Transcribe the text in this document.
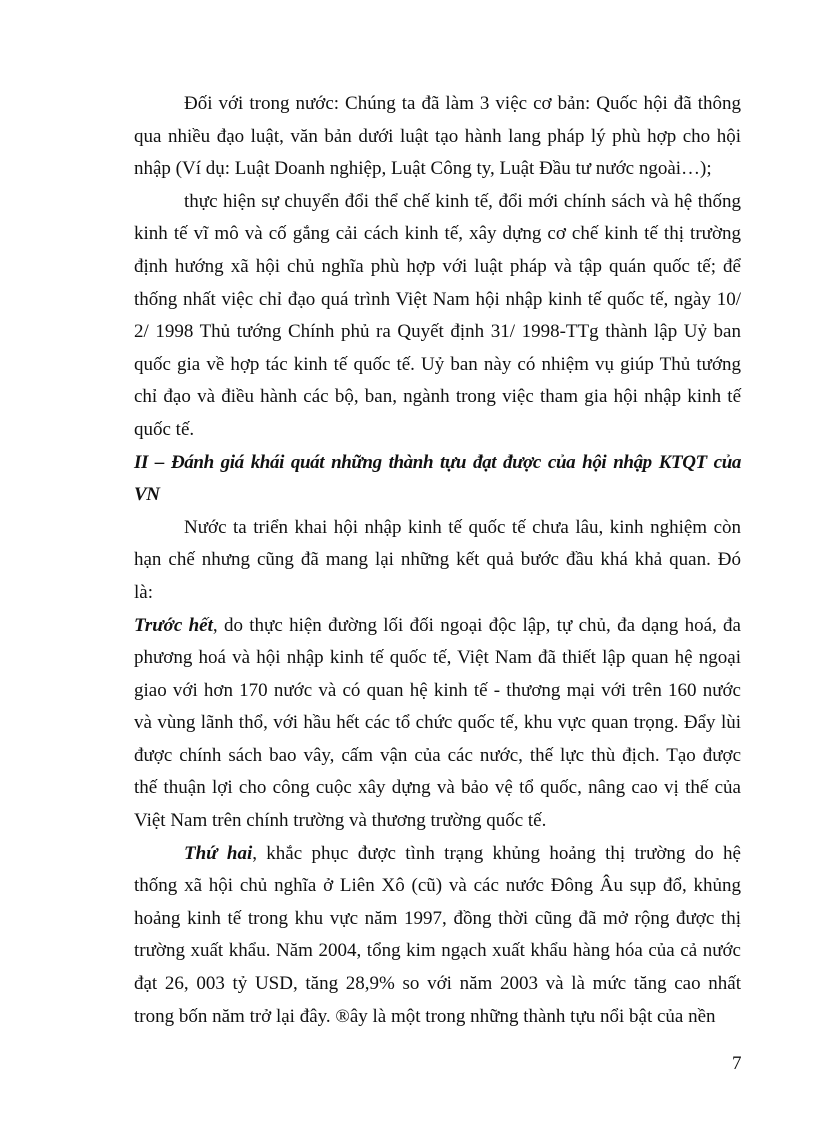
Đối với trong nước: Chúng ta đã làm 3 việc cơ bản: Quốc hội đã thông
qua nhiều đạo luật, văn bản dưới luật tạo hành lang pháp lý phù hợp cho hội
nhập (Ví dụ: Luật Doanh nghiệp, Luật Công ty, Luật Đầu tư nước ngoài…);
thực hiện sự chuyển đổi thể chế kinh tế, đổi mới chính sách và hệ thống
kinh tế vĩ mô và cố gắng cải cách kinh tế, xây dựng cơ chế kinh tế thị trường
định hướng xã hội chủ nghĩa phù hợp với luật pháp và tập quán quốc tế; để
thống nhất việc chỉ đạo quá trình Việt Nam hội nhập kinh tế quốc tế, ngày 10/
2/ 1998 Thủ tướng Chính phủ ra Quyết định 31/ 1998-TTg thành lập Uỷ ban
quốc gia về hợp tác kinh tế quốc tế. Uỷ ban này có nhiệm vụ giúp Thủ tướng
chỉ đạo và điều hành các bộ, ban, ngành trong việc tham gia hội nhập kinh tế
quốc tế.
II – Đánh giá khái quát những thành tựu đạt được của hội nhập KTQT của
VN
Nước ta triển khai hội nhập kinh tế quốc tế chưa lâu, kinh nghiệm còn
hạn chế nhưng cũng đã mang lại những kết quả bước đầu khá khả quan. Đó
là:
Trước hết, do thực hiện đường lối đối ngoại độc lập, tự chủ, đa dạng hoá, đa
phương hoá và hội nhập kinh tế quốc tế, Việt Nam đã thiết lập quan hệ ngoại
giao với hơn 170 nước và có quan hệ kinh tế - thương mại với trên 160 nước
và vùng lãnh thổ, với hầu hết các tổ chức quốc tế, khu vực quan trọng. Đẩy lùi
được chính sách bao vây, cấm vận của các nước, thế lực thù địch. Tạo được
thế thuận lợi cho công cuộc xây dựng và bảo vệ tổ quốc, nâng cao vị thế của
Việt Nam trên chính trường và thương trường quốc tế.
Thứ hai, khắc phục được tình trạng khủng hoảng thị trường do hệ
thống xã hội chủ nghĩa ở Liên Xô (cũ) và các nước Đông Âu sụp đổ, khủng
hoảng kinh tế trong khu vực năm 1997, đồng thời cũng đã mở rộng được thị
trường xuất khẩu. Năm 2004, tổng kim ngạch xuất khẩu hàng hóa của cả nước
đạt 26, 003 tỷ USD, tăng 28,9% so với năm 2003 và là mức tăng cao nhất
trong bốn năm trở lại đây. ®ây là một trong những thành tựu nổi bật của nền
7
